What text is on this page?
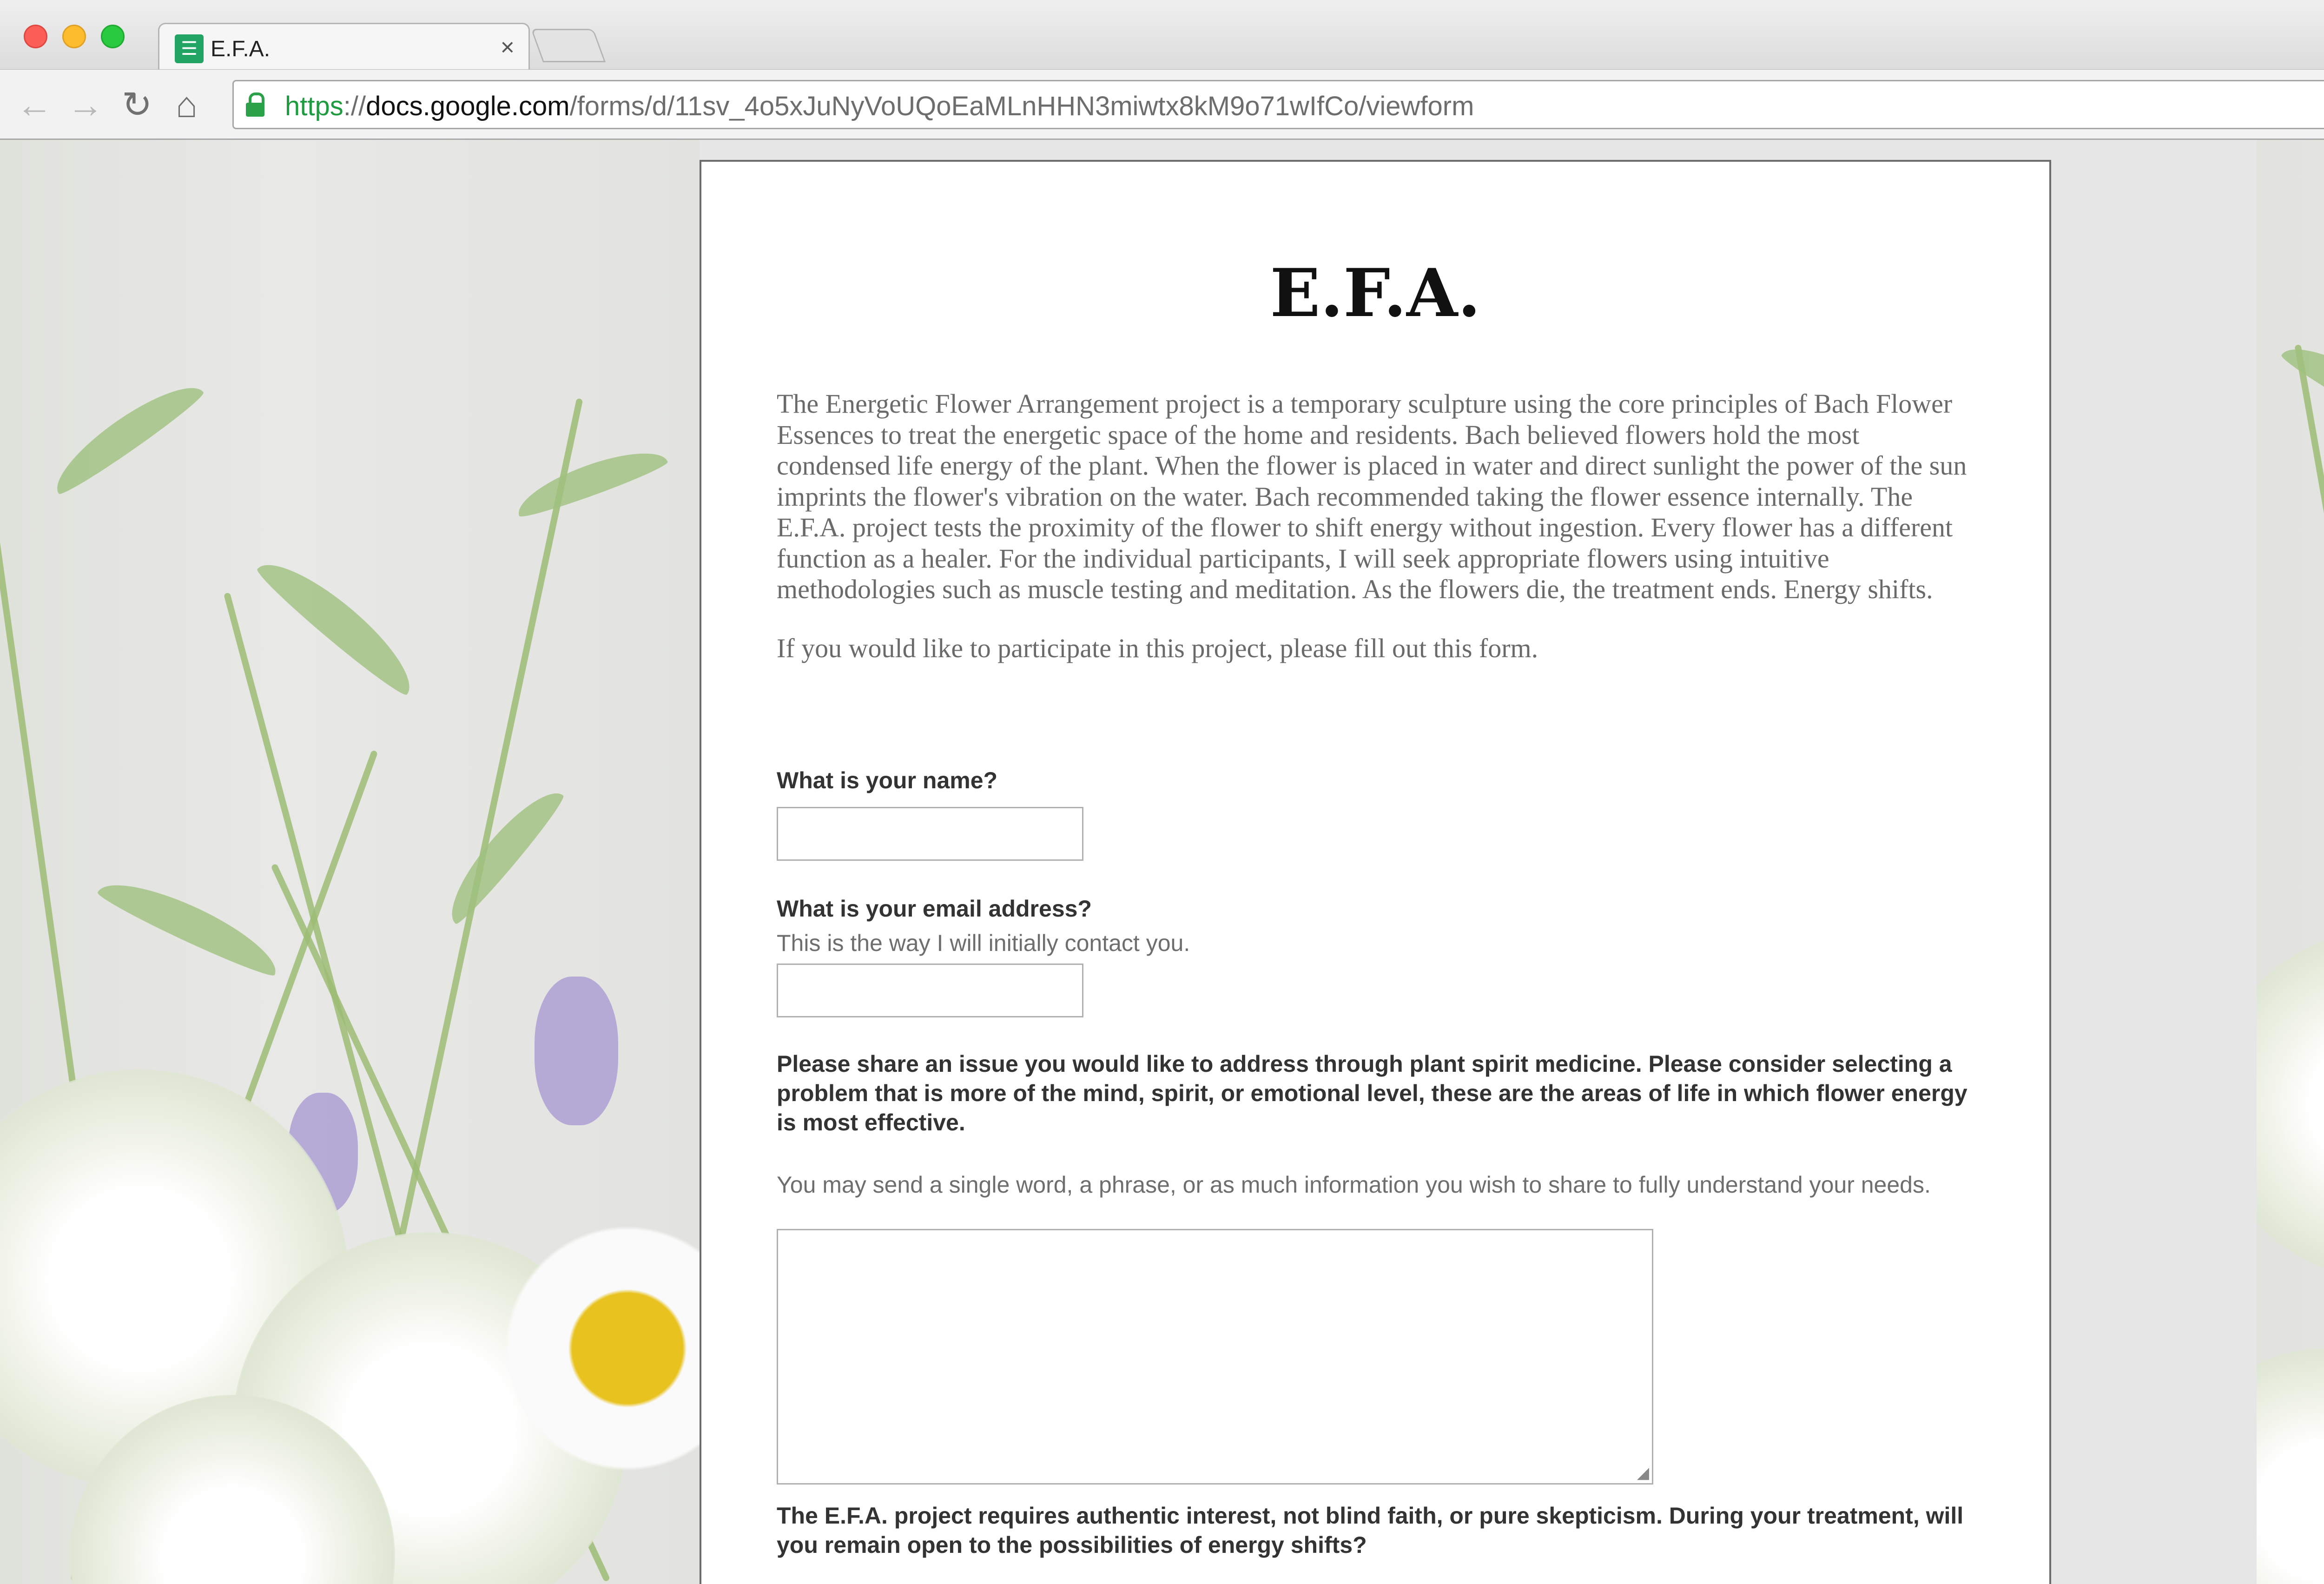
☰ E.F.A.	×
← → ↻ ⌂	https://docs.google.com/forms/d/11sv_4o5xJuNyVoUQoEaMLnHHN3miwtx8kM9o71wIfCo/viewform
E.F.A.

The Energetic Flower Arrangement project is a temporary sculpture using the core principles of Bach Flower Essences to treat the energetic space of the home and residents. Bach believed flowers hold the most condensed life energy of the plant. When the flower is placed in water and direct sunlight the power of the sun imprints the flower's vibration on the water. Bach recommended taking the flower essence internally. The E.F.A. project tests the proximity of the flower to shift energy without ingestion. Every flower has a different function as a healer. For the individual participants, I will seek appropriate flowers using intuitive methodologies such as muscle testing and meditation. As the flowers die, the treatment ends. Energy shifts.

If you would like to participate in this project, please fill out this form.

What is your name?
What is your email address?
This is the way I will initially contact you.
Please share an issue you would like to address through plant spirit medicine. Please consider selecting a problem that is more of the mind, spirit, or emotional level, these are the areas of life in which flower energy is most effective.
You may send a single word, a phrase, or as much information you wish to share to fully understand your needs.
◢
The E.F.A. project requires authentic interest, not blind faith, or pure skepticism. During your treatment, will you remain open to the possibilities of energy shifts?
